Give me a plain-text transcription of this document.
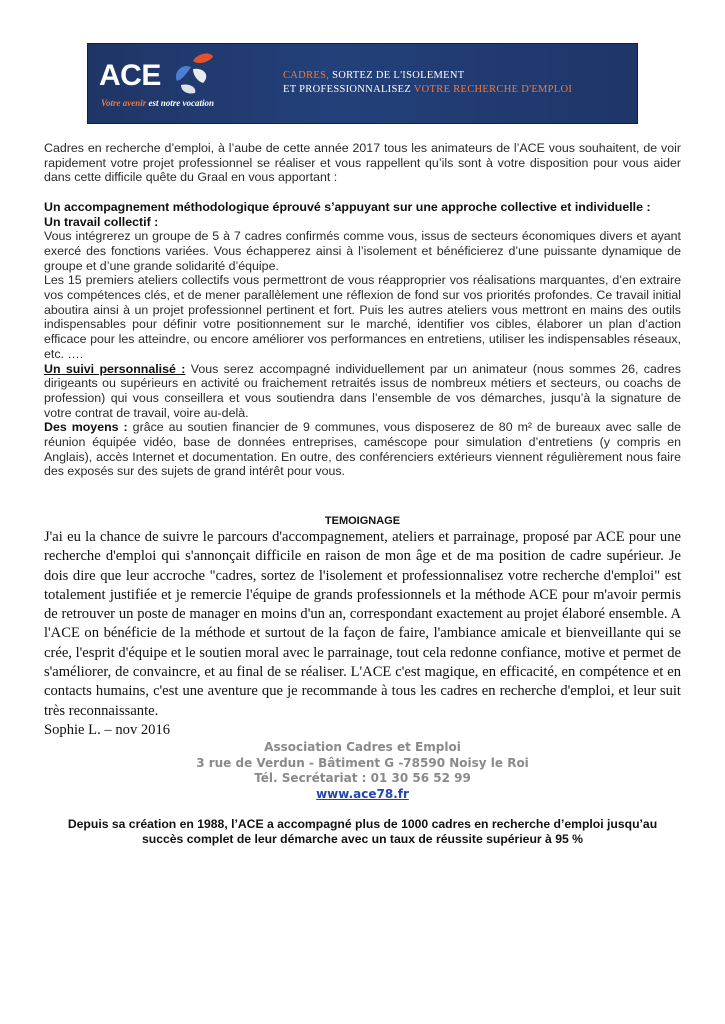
ACE
Votre avenir est notre vocation
CADRES, SORTEZ DE L'ISOLEMENT
ET PROFESSIONNALISEZ VOTRE RECHERCHE D'EMPLOI

Cadres en recherche d’emploi, à l’aube de cette année 2017 tous les animateurs de l’ACE vous souhaitent, de voir rapidement votre projet professionnel se réaliser et vous rappellent qu’ils sont à votre disposition pour vous aider dans cette difficile quête du Graal en vous apportant :

Un accompagnement méthodologique éprouvé s’appuyant sur une approche collective et individuelle :

Un travail collectif :

Vous intégrerez un groupe de 5 à 7 cadres confirmés comme vous, issus de secteurs économiques divers et ayant exercé des fonctions variées. Vous échapperez ainsi à l’isolement et bénéficierez d’une puissante dynamique de groupe et d’une grande solidarité d’équipe.

Les 15 premiers ateliers collectifs vous permettront de vous réapproprier vos réalisations marquantes, d’en extraire vos compétences clés, et de mener parallèlement une réflexion de fond sur vos priorités profondes. Ce travail initial aboutira ainsi à un projet professionnel pertinent et fort. Puis les autres ateliers vous mettront en mains des outils indispensables pour définir votre positionnement sur le marché, identifier vos cibles, élaborer un plan d’action efficace pour les atteindre, ou encore améliorer vos performances en entretiens, utiliser les indispensables réseaux, etc. ….

Un suivi personnalisé : Vous serez accompagné individuellement par un animateur (nous sommes 26, cadres dirigeants ou supérieurs en activité ou fraichement retraités issus de nombreux métiers et secteurs, ou coachs de profession) qui vous conseillera et vous soutiendra dans l’ensemble de vos démarches, jusqu’à la signature de votre contrat de travail, voire au-delà.

Des moyens : grâce au soutien financier de 9 communes, vous disposerez de 80 m² de bureaux avec salle de réunion équipée vidéo, base de données entreprises, caméscope pour simulation d’entretiens (y compris en Anglais), accès Internet et documentation. En outre, des conférenciers extérieurs viennent régulièrement nous faire des exposés sur des sujets de grand intérêt pour vous.

TEMOIGNAGE

J'ai eu la chance de suivre le parcours d'accompagnement, ateliers et parrainage, proposé par ACE pour une recherche d'emploi qui s'annonçait difficile en raison de mon âge et de ma position de cadre supérieur. Je dois dire que leur accroche "cadres, sortez de l'isolement et professionnalisez votre recherche d'emploi" est totalement justifiée et je remercie l'équipe de grands professionnels et la méthode ACE pour m'avoir permis de retrouver un poste de manager en moins d'un an, correspondant exactement au projet élaboré ensemble. A l'ACE on bénéficie de la méthode et surtout de la façon de faire, l'ambiance amicale et bienveillante qui se crée, l'esprit d'équipe et le soutien moral avec le parrainage, tout cela redonne confiance, motive et permet de s'améliorer, de convaincre, et au final de se réaliser. L'ACE c'est magique, en efficacité, en compétence et en contacts humains, c'est une aventure que je recommande à tous les cadres en recherche d'emploi, et leur suit très reconnaissante.

Sophie L. – nov 2016

Association Cadres et Emploi
3 rue de Verdun - Bâtiment G -78590 Noisy le Roi
Tél. Secrétariat : 01 30 56 52 99
www.ace78.fr
Depuis sa création en 1988, l’ACE a accompagné plus de 1000 cadres en recherche d’emploi jusqu’au
succès complet de leur démarche avec un taux de réussite supérieur à 95 %
